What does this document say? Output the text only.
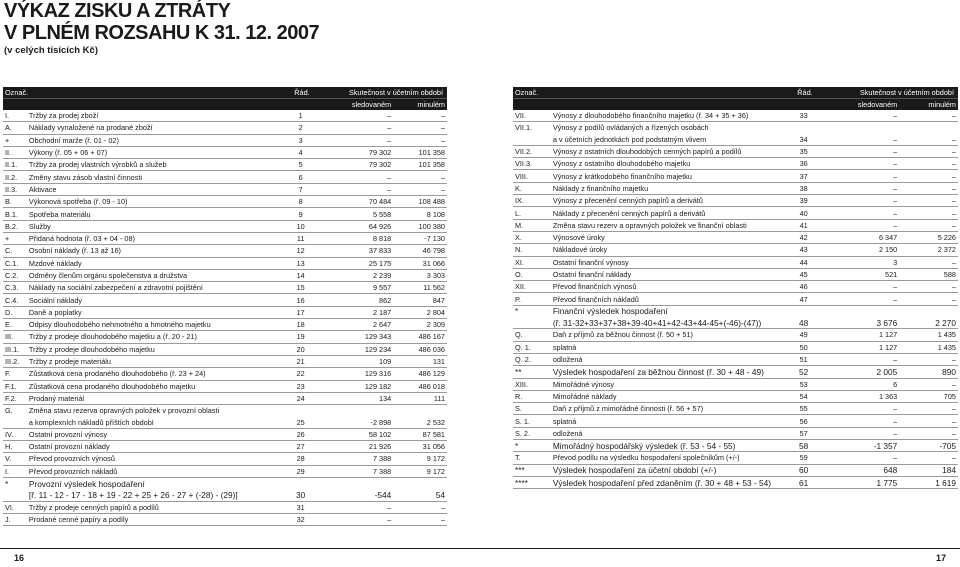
VÝKAZ ZISKU A ZTRÁTY
V PLNÉM ROZSAHU K 31. 12. 2007
(v celých tisících Kč)
Označ.	Řád.	Skutečnost v účetním období
sledovaném	minulém
I.	Tržby za prodej zboží	1	–	–
A.	Náklady vynaložené na prodané zboží	2	–	–
+	Obchodní marže (ř. 01 - 02)	3	–	–
II.	Výkony (ř. 05 + 06 + 07)	4	79 302	101 358
II.1.	Tržby za prodej vlastních výrobků a služeb	5	79 302	101 358
II.2.	Změny stavu zásob vlastní činnosti	6	–	–
II.3.	Aktivace	7	–	–
B.	Výkonová spotřeba (ř. 09 - 10)	8	70 484	108 488
B.1.	Spotřeba materiálu	9	5 558	8 108
B.2.	Služby	10	64 926	100 380
+	Přidaná hodnota (ř. 03 + 04 - 08)	11	8 818	-7 130
C.	Osobní náklady (ř. 13 až 16)	12	37 833	46 798
C.1.	Mzdové náklady	13	25 175	31 066
C.2.	Odměny členům orgánu společenstva a družstva	14	2 239	3 303
C.3.	Náklady na sociální zabezpečení a zdravotní pojištění	15	9 557	11 562
C.4.	Sociální náklady	16	862	847
D.	Daně a poplatky	17	2 187	2 804
E.	Odpisy dlouhodobého nehmotného a hmotného majetku	18	2 647	2 309
III.	Tržby z prodeje dlouhodobého majetku a (ř. 20 - 21)	19	129 343	486 167
III.1.	Tržby z prodeje dlouhodobého majetku	20	129 234	486 036
III.2.	Tržby z prodeje materiálu	21	109	131
F.	Zůstatková cena prodaného dlouhodobého (ř. 23 + 24)	22	129 316	486 129
F.1.	Zůstatková cena prodaného dlouhodobého majetku	23	129 182	486 018
F.2.	Prodaný materiál	24	134	111
G.	Změna stavu rezerva opravných položek v provozní oblasti
a komplexních nákladů příštích období	25	-2 898	2 532
IV.	Ostatní provozní výnosy	26	58 102	87 581
H.	Ostatní provozní náklady	27	21 926	31 056
V.	Převod provozních výnosů	28	7 388	9 172
I.	Převod provozních nákladů	29	7 388	9 172
*	Provozní výsledek hospodaření
[ř. 11 - 12 - 17 - 18 + 19 - 22 + 25 + 26 - 27 + (-28) - (29)]	30	-544	54
VI.	Tržby z prodeje cenných papírů a podílů	31	–	–
J.	Prodané cenné papíry a podíly	32	–	–
Označ.	Řád.	Skutečnost v účetním období
sledovaném	minulém
VII.	Výnosy z dlouhodobého finančního majetku (ř. 34 + 35 + 36)	33	–	–
VII.1.	Výnosy z podílů ovládaných a řízených osobách
a v účetních jednotkách pod podstatným vlivem	34	–	–
VII.2.	Výnosy z ostatních dlouhodobých cenných papírů a podílů	35	–	–
VII.3.	Výnosy z ostatního dlouhodobého majetku	36	–	–
VIII.	Výnosy z krátkodobého finančního majetku	37	–	–
K.	Náklady z finančního majetku	38	–	–
IX.	Výnosy z přecenění cenných papírů a derivátů	39	–	–
L.	Náklady z přecenění cenných papírů a derivátů	40	–	–
M.	Změna stavu rezerv a opravných položek ve finanční oblasti	41	–	–
X.	Výnosové úroky	42	6 347	5 226
N.	Nákladové úroky	43	2 150	2 372
XI.	Ostatní finanční výnosy	44	3	–
O.	Ostatní finanční náklady	45	521	588
XII.	Převod finančních výnosů	46	–	–
P.	Převod finančních nákladů	47	–	–
*	Finanční výsledek hospodaření
(ř. 31-32+33+37+38+39-40+41+42-43+44-45+(-46)-(47))	48	3 676	2 270
Q.	Daň z příjmů za běžnou činnost (ř. 50 + 51)	49	1 127	1 435
Q. 1.	splatná	50	1 127	1 435
Q. 2.	odložená	51	–	–
**	Výsledek hospodaření za běžnou činnost (ř. 30 + 48 - 49)	52	2 005	890
XIII.	Mimořádné výnosy	53	6	–
R.	Mimořádné náklady	54	1 363	705
S.	Daň z příjmů z mimořádné činnosti (ř. 56 + 57)	55	–	–
S. 1.	splatná	56	–	–
S. 2.	odložená	57	–	–
*	Mimořádný hospodářský výsledek (ř. 53 - 54 - 55)	58	-1 357	-705
T.	Převod podílu na výsledku hospodaření společníkům (+/-)	59	–	–
***	Výsledek hospodaření za účetní období (+/-)	60	648	184
****	Výsledek hospodaření před zdaněním (ř. 30 + 48 + 53 - 54)	61	1 775	1 619
16	17
